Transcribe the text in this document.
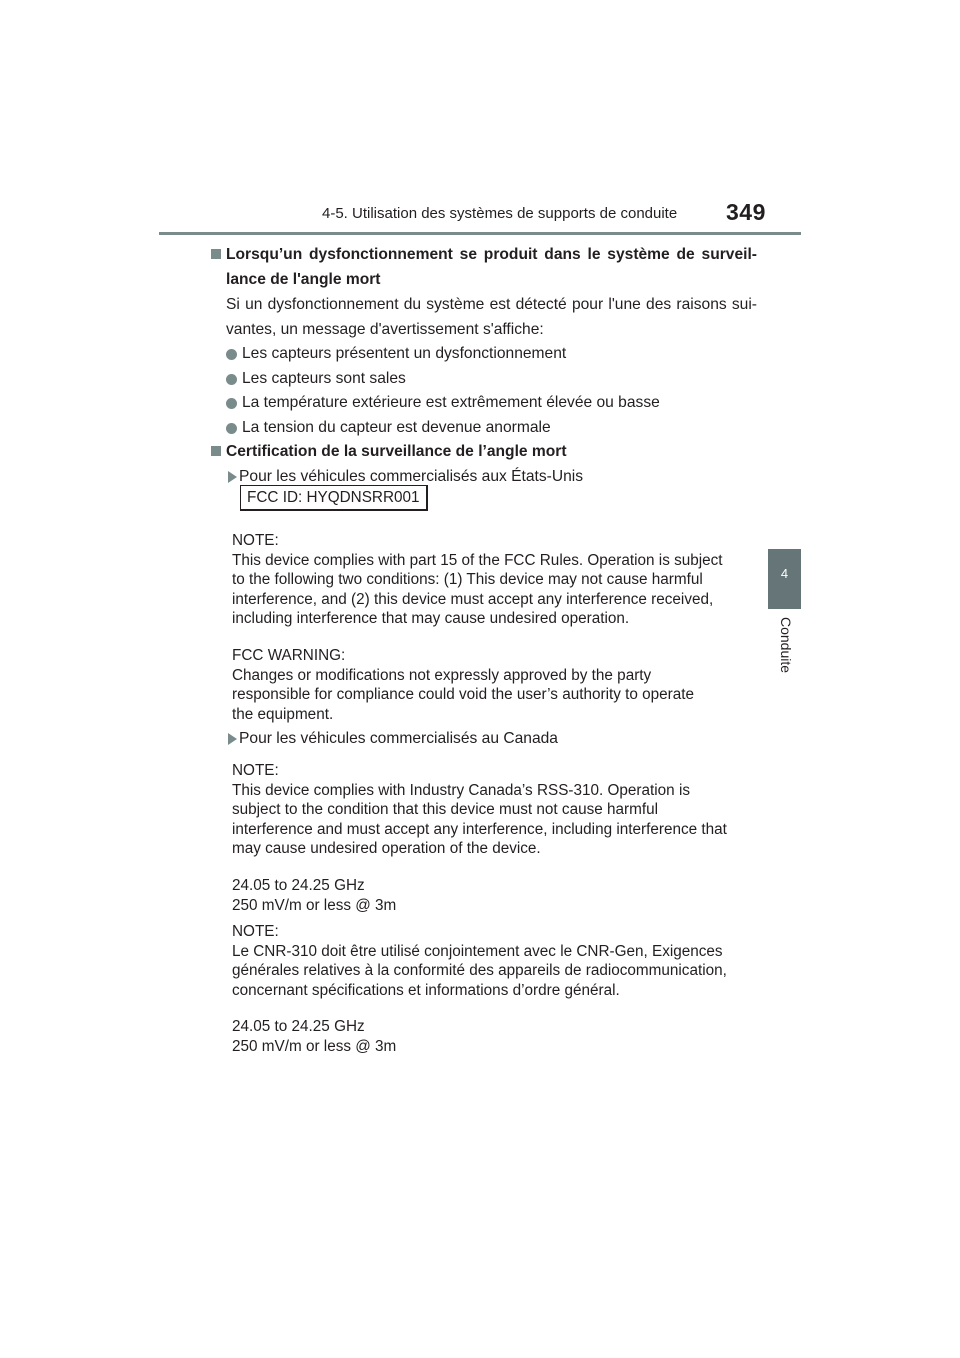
4-5. Utilisation des systèmes de supports de conduite 349
4
Conduite
Lorsqu’un dysfonctionnement se produit dans le système de surveil-lance de l'angle mort

Si un dysfonctionnement du système est détecté pour l'une des raisons sui-vantes, un message d'avertissement s'affiche:

Les capteurs présentent un dysfonctionnement
Les capteurs sont sales
La température extérieure est extrêmement élevée ou basse
La tension du capteur est devenue anormale
Certification de la surveillance de l’angle mort
Pour les véhicules commercialisés aux États-Unis
FCC ID: HYQDNSRR001
NOTE:
This device complies with part 15 of the FCC Rules. Operation is subject
to the following two conditions: (1) This device may not cause harmful
interference, and (2) this device must accept any interference received,
including interference that may cause undesired operation.
FCC WARNING:
Changes or modifications not expressly approved by the party
responsible for compliance could void the user’s authority to operate
the equipment.
Pour les véhicules commercialisés au Canada
NOTE:
This device complies with Industry Canada’s RSS-310. Operation is
subject to the condition that this device must not cause harmful
interference and must accept any interference, including interference that
may cause undesired operation of the device.
24.05 to 24.25 GHz
250 mV/m or less @ 3m
NOTE:
Le CNR-310 doit être utilisé conjointement avec le CNR-Gen, Exigences
générales relatives à la conformité des appareils de radiocommunication,
concernant spécifications et informations d’ordre général.
24.05 to 24.25 GHz
250 mV/m or less @ 3m
